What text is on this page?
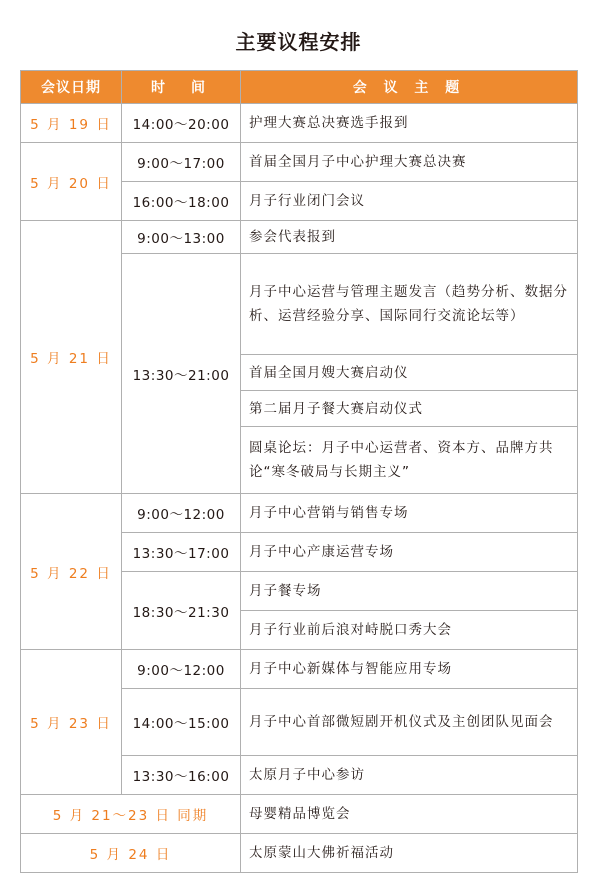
主要议程安排
会议日期	时　间	会 议 主 题
5 月 19 日	14:00～20:00	护理大赛总决赛选手报到
5 月 20 日	9:00～17:00	首届全国月子中心护理大赛总决赛
	16:00～18:00	月子行业闭门会议
5 月 21 日	9:00～13:00	参会代表报到
	13:30～21:00	月子中心运营与管理主题发言（趋势分析、数据分析、运营经验分享、国际同行交流论坛等）
		首届全国月嫂大赛启动仪
		第二届月子餐大赛启动仪式
		圆桌论坛：月子中心运营者、资本方、品牌方共论“寒冬破局与长期主义”
5 月 22 日	9:00～12:00	月子中心营销与销售专场
	13:30～17:00	月子中心产康运营专场
	18:30～21:30	月子餐专场
		月子行业前后浪对峙脱口秀大会
5 月 23 日	9:00～12:00	月子中心新媒体与智能应用专场
	14:00～15:00	月子中心首部微短剧开机仪式及主创团队见面会
	13:30～16:00	太原月子中心参访
5 月 21～23 日 同期		母婴精品博览会
5 月 24 日		太原蒙山大佛祈福活动
